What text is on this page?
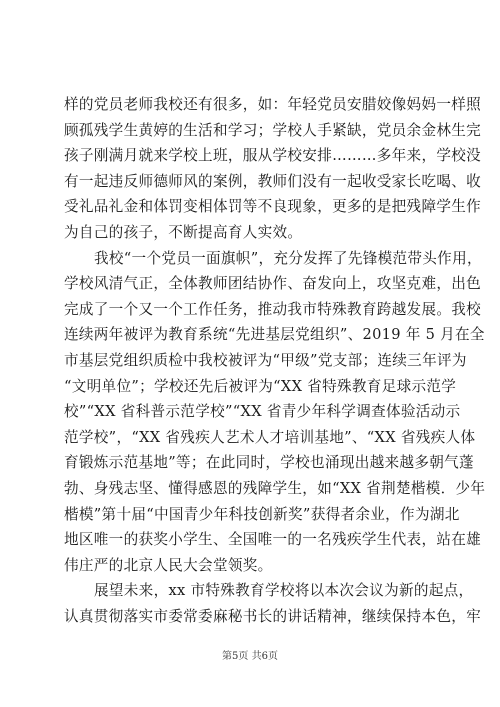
样的党员老师我校还有很多，如：年轻党员安腊姣像妈妈一样照
顾孤残学生黄婷的生活和学习；学校人手紧缺，党员余金林生完
孩子刚满月就来学校上班，服从学校安排………多年来，学校没
有一起违反师德师风的案例，教师们没有一起收受家长吃喝、收
受礼品礼金和体罚变相体罚等不良现象，更多的是把残障学生作
为自己的孩子，不断提高育人实效。
我校“一个党员一面旗帜”，充分发挥了先锋模范带头作用，
学校风清气正，全体教师团结协作、奋发向上，攻坚克难，出色
完成了一个又一个工作任务，推动我市特殊教育跨越发展。我校
连续两年被评为教育系统“先进基层党组织”、2019 年 5 月在全
市基层党组织质检中我校被评为“甲级”党支部；连续三年评为
“文明单位”；学校还先后被评为“XX 省特殊教育足球示范学
校”“XX 省科普示范学校”“XX 省青少年科学调查体验活动示
范学校”，“XX 省残疾人艺术人才培训基地”、“XX 省残疾人体
育锻炼示范基地”等；在此同时，学校也涌现出越来越多朝气蓬
勃、身残志坚、懂得感恩的残障学生，如“XX 省荆楚楷模．少年
楷模”第十届“中国青少年科技创新奖”获得者余业，作为湖北
地区唯一的获奖小学生、全国唯一的一名残疾学生代表，站在雄
伟庄严的北京人民大会堂领奖。
展望未来，xx 市特殊教育学校将以本次会议为新的起点，
认真贯彻落实市委常委麻秘书长的讲话精神，继续保持本色，牢
第5页 共6页
